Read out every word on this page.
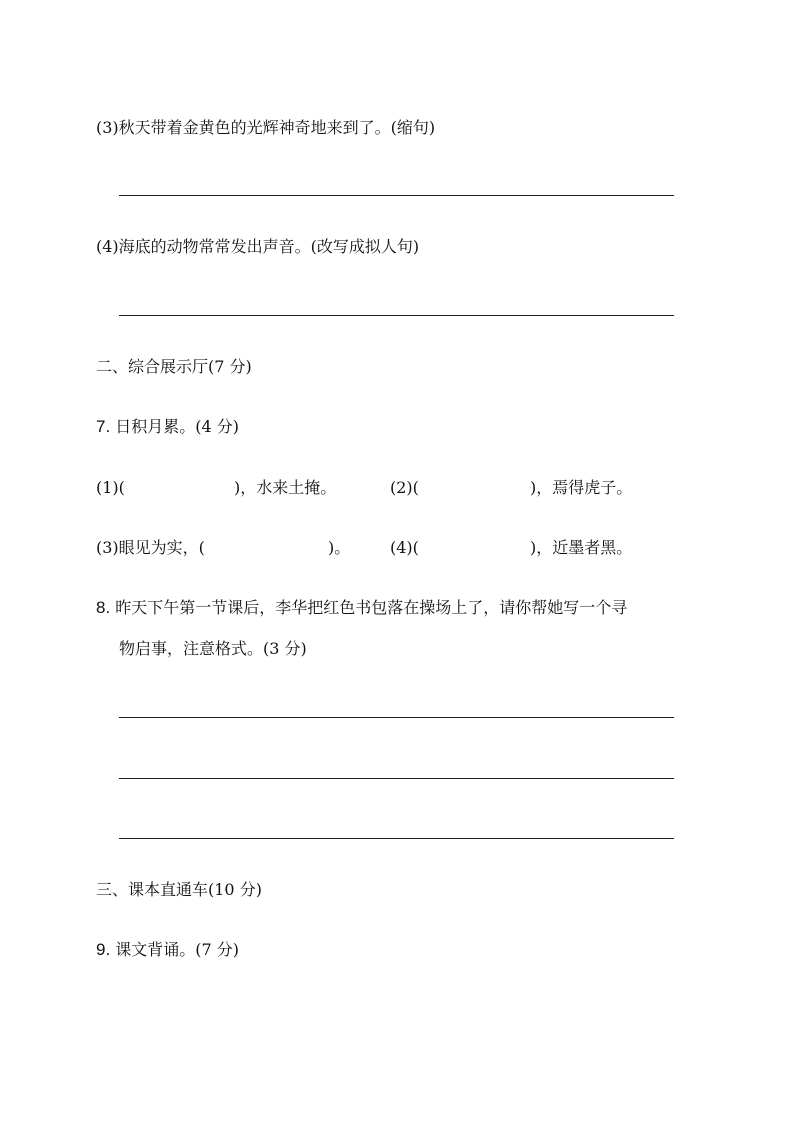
(3)秋天带着金黄色的光辉神奇地来到了。(缩句)
(4)海底的动物常常发出声音。(改写成拟人句)
二、综合展示厅(7 分)
7. 日积月累。(4 分)
(1)(	)，水来土掩。	(2)(	)，焉得虎子。
(3)眼见为实，(	)。 (4)(	)，近墨者黑。
8. 昨天下午第一节课后，李华把红色书包落在操场上了，请你帮她写一个寻
物启事，注意格式。(3 分)
三、课本直通车(10 分)
9. 课文背诵。(7 分)
